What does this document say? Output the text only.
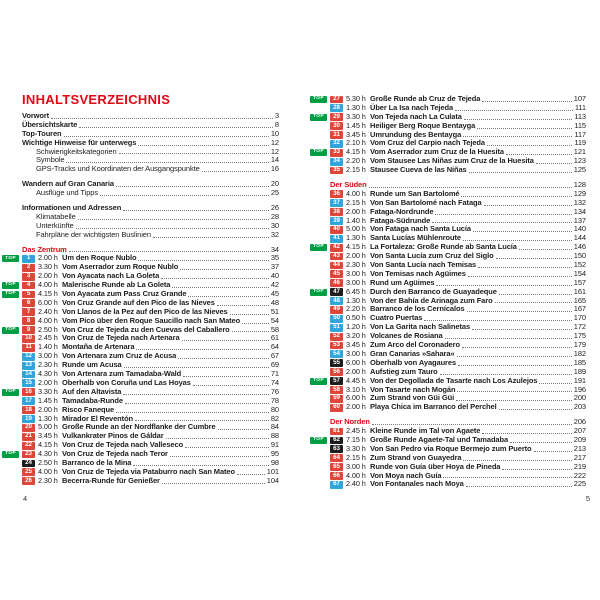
INHALTSVERZEICHNIS
Vorwort	3
Übersichtskarte	8
Top-Touren	10
Wichtige Hinweise für unterwegs	12
Schwierigkeitskategorien	12
Symbole	14
GPS-Tracks und Koordinaten der Ausgangspunkte	16
Wandern auf Gran Canaria	20
Ausflüge und Tipps	25
Informationen und Adressen	26
Klimatabelle	28
Unterkünfte	30
Fahrpläne der wichtigsten Buslinien	32
Das Zentrum	34
TOP	1	2.00 h Um den Roque Nublo	35
2	3.30 h Vom Aserrador zum Roque Nublo	37
3	2.00 h Von Ayacata nach La Goleta	40
TOP	4	4.00 h Malerische Runde ab La Goleta	42
TOP	5	4.15 h Von Ayacata zum Pass Cruz Grande	45
6	6.00 h Von Cruz Grande auf den Pico de las Nieves	48
7	2.40 h Von Llanos de la Pez auf den Pico de las Nieves	51
8	4.00 h Vom Pico über den Roque Saucillo nach San Mateo	54
TOP	9	2.50 h Von Cruz de Tejeda zu den Cuevas del Caballero	58
10 2.45 h Von Cruz de Tejeda nach Artenara	61
11 1.40 h Montaña de Artenara	64
12 3.00 h Von Artenara zum Cruz de Acusa	67
13 2.30 h Runde um Acusa	69
14 4.30 h Von Artenara zum Tamadaba-Wald	71
15 2.00 h Oberhalb von Coruña und Las Hoyas	74
TOP	16 3.30 h Auf den Altavista	76
17 1.45 h Tamadaba-Runde	78
18 2.00 h Risco Faneque	80
19 1.30 h Mirador El Reventón	82
20 5.00 h Große Runde an der Nordflanke der Cumbre	84
21 3.45 h Vulkankrater Pinos de Gáldar	88
22 4.15 h Von Cruz de Tejeda nach Valleseco	91
TOP	23 4.30 h Von Cruz de Tejeda nach Teror	95
24 2.50 h Barranco de la Mina	98
25 4.00 h Von Cruz de Tejeda via Pataburro nach San Mateo	101
26 2.30 h Becerra-Runde für Genießer	104
TOP	27 5.30 h Große Runde ab Cruz de Tejeda	107
28 1.30 h Über La Isa nach Tejeda	111
TOP	29 3.30 h Von Tejeda nach La Culata	113
30 1.45 h Heiliger Berg Roque Bentayga	115
31 3.45 h Umrundung des Bentayga	117
32 2.10 h Vom Cruz del Carpio nach Tejeda	119
TOP	33 4.15 h Vom Aserrador zum Cruz de la Huesita	121
34 2.20 h Vom Stausee Las Niñas zum Cruz de la Huesita	123
35 2.15 h Stausee Cueva de las Niñas	125
Der Süden	128
36 4.00 h Runde um San Bartolomé	129
37 2.15 h Von San Bartolomé nach Fataga	132
38 2.00 h Fataga-Nordrunde	134
39 1.40 h Fataga-Südrunde	137
40 5.00 h Von Fataga nach Santa Lucía	140
41 1.30 h Santa Lucías Mühlenroute	144
TOP	42 4.15 h La Fortaleza: Große Runde ab Santa Lucía	146
43 2.00 h Von Santa Lucía zum Cruz del Siglo	150
44 2.30 h Von Santa Lucía nach Temisas	152
45 3.00 h Von Temisas nach Agüimes	154
46 3.00 h Rund um Agüimes	157
TOP	47 6.45 h Durch den Barranco de Guayadeque	161
48 1.30 h Von der Bahía de Arinaga zum Faro	165
49 2.20 h Barranco de los Cernícalos	167
50 0.50 h Cuatro Puertas	170
51 1.20 h Von La Garita nach Salinetas	172
52 3.20 h Volcanes de Rosiana	175
53 3.45 h Zum Arco del Coronadero	179
54 3.00 h Gran Canarias »Sahara«	182
55 6.00 h Oberhalb von Ayagaures	185
56 2.00 h Aufstieg zum Tauro	189
TOP	57 4.45 h Von der Degollada de Tasarte nach Los Azulejos	191
58 3.10 h Von Tasarte nach Mogán	196
59 6.00 h Zum Strand von Güi Güi	200
60 2.00 h Playa Chica im Barranco del Perchel	203
Der Norden	206
61 2.45 h Kleine Runde im Tal von Agaete	207
TOP	62 7.15 h Große Runde Agaete-Tal und Tamadaba	209
63 3.30 h Von San Pedro via Roque Bermejo zum Puerto	213
64 2.15 h Zum Strand von Guayedra	217
65 3.00 h Runde von Guía über Hoya de Pineda	219
66 4.00 h Von Moya nach Guía	222
67 2.40 h Von Fontanales nach Moya	225
4	5
